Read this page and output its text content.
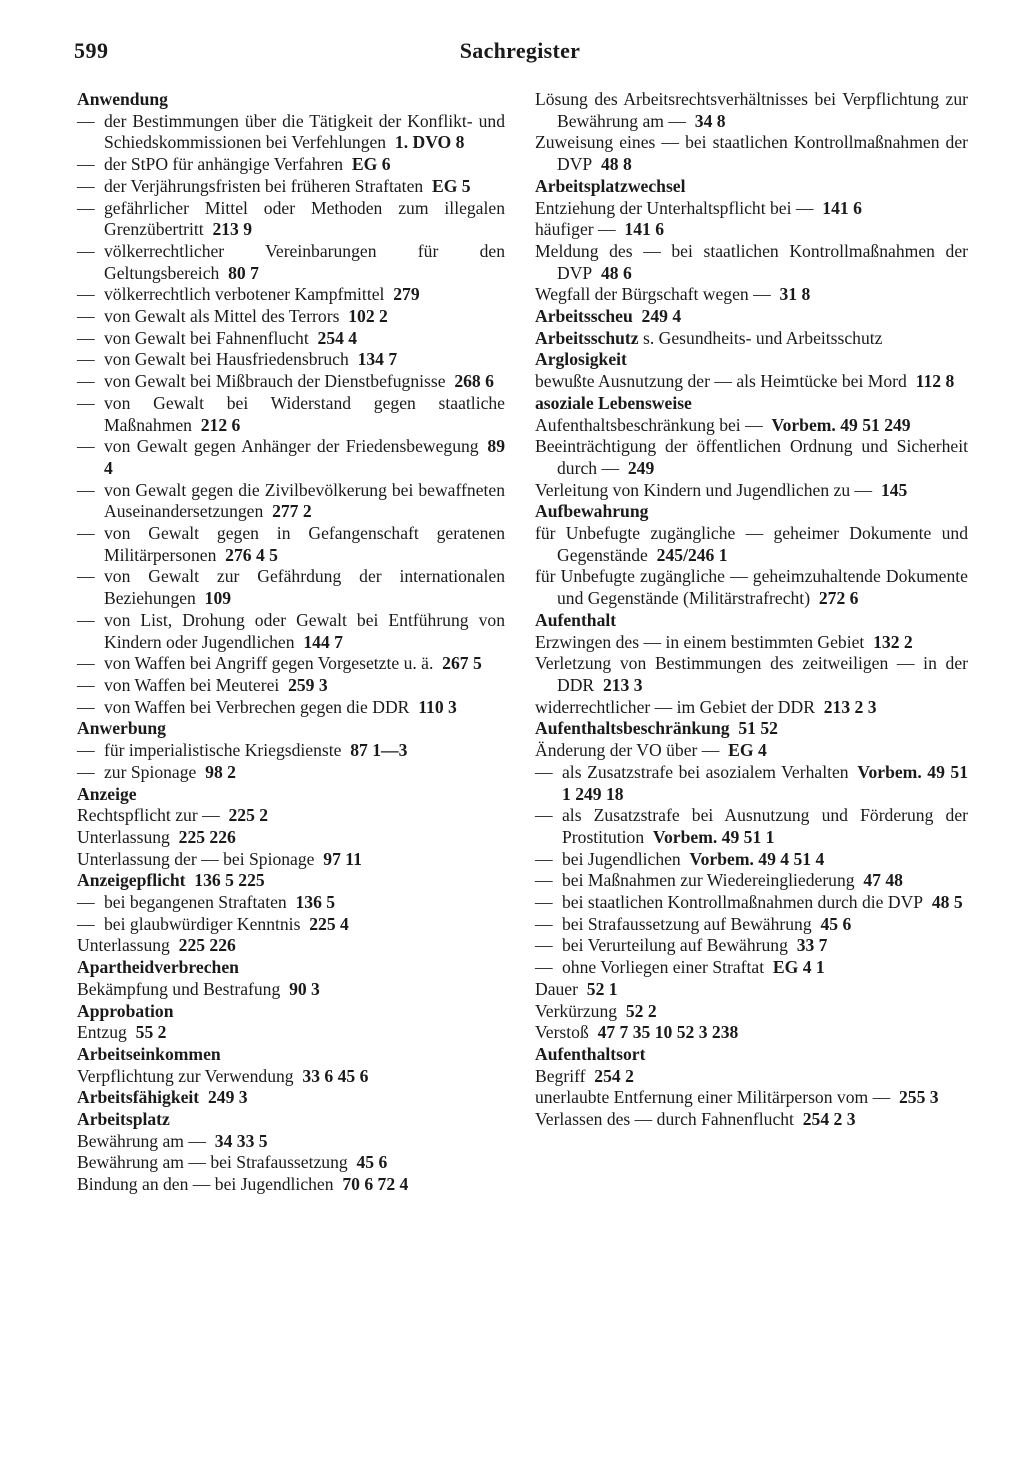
599	Sachregister
Anwendung
— der Bestimmungen über die Tätigkeit der Konflikt- und Schiedskommissionen bei Verfehlungen  1. DVO 8
— der StPO für anhängige Verfahren  EG 6
— der Verjährungsfristen bei früheren Straftaten  EG 5
— gefährlicher Mittel oder Methoden zum illegalen Grenzübertritt  213 9
— völkerrechtlicher Vereinbarungen für den Geltungsbereich  80 7
— völkerrechtlich verbotener Kampfmittel  279
— von Gewalt als Mittel des Terrors  102 2
— von Gewalt bei Fahnenflucht  254 4
— von Gewalt bei Hausfriedensbruch  134 7
— von Gewalt bei Mißbrauch der Dienstbefugnisse  268 6
— von Gewalt bei Widerstand gegen staatliche Maßnahmen  212 6
— von Gewalt gegen Anhänger der Friedensbewegung  89 4
— von Gewalt gegen die Zivilbevölkerung bei bewaffneten Auseinandersetzungen  277 2
— von Gewalt gegen in Gefangenschaft geratenen Militärpersonen  276 4 5
— von Gewalt zur Gefährdung der internationalen Beziehungen  109
— von List, Drohung oder Gewalt bei Entführung von Kindern oder Jugendlichen  144 7
— von Waffen bei Angriff gegen Vorgesetzte u. ä.  267 5
— von Waffen bei Meuterei  259 3
— von Waffen bei Verbrechen gegen die DDR  110 3
Anwerbung
— für imperialistische Kriegsdienste  87 1—3
— zur Spionage  98 2
Anzeige
Rechtspflicht zur —  225 2
Unterlassung  225 226
Unterlassung der — bei Spionage  97 11
Anzeigepflicht  136 5 225
— bei begangenen Straftaten  136 5
— bei glaubwürdiger Kenntnis  225 4
Unterlassung  225 226
Apartheidverbrechen
Bekämpfung und Bestrafung  90 3
Approbation
Entzug  55 2
Arbeitseinkommen
Verpflichtung zur Verwendung  33 6 45 6
Arbeitsfähigkeit  249 3
Arbeitsplatz
Bewährung am —  34 33 5
Bewährung am — bei Strafaussetzung  45 6
Bindung an den — bei Jugendlichen  70 6 72 4
Lösung des Arbeitsrechtsverhältnisses bei Verpflichtung zur Bewährung am —  34 8
Zuweisung eines — bei staatlichen Kontrollmaßnahmen der DVP  48 8
Arbeitsplatzwechsel
Entziehung der Unterhaltspflicht bei —  141 6
häufiger —  141 6
Meldung des — bei staatlichen Kontrollmaßnahmen der DVP  48 6
Wegfall der Bürgschaft wegen —  31 8
Arbeitsscheu  249 4
Arbeitsschutz s. Gesundheits- und Arbeitsschutz
Arglosigkeit
bewußte Ausnutzung der — als Heimtücke bei Mord  112 8
asoziale Lebensweise
Aufenthaltsbeschränkung bei —  Vorbem. 49 51 249
Beeinträchtigung der öffentlichen Ordnung und Sicherheit durch —  249
Verleitung von Kindern und Jugendlichen zu —  145
Aufbewahrung
für Unbefugte zugängliche — geheimer Dokumente und Gegenstände  245/246 1
für Unbefugte zugängliche — geheimzuhaltende Dokumente und Gegenstände (Militärstrafrecht)  272 6
Aufenthalt
Erzwingen des — in einem bestimmten Gebiet  132 2
Verletzung von Bestimmungen des zeitweiligen — in der DDR  213 3
widerrechtlicher — im Gebiet der DDR  213 2 3
Aufenthaltsbeschränkung  51 52
Änderung der VO über —  EG 4
— als Zusatzstrafe bei asozialem Verhalten  Vorbem. 49 51 1 249 18
— als Zusatzstrafe bei Ausnutzung und Förderung der Prostitution  Vorbem. 49 51 1
— bei Jugendlichen  Vorbem. 49 4 51 4
— bei Maßnahmen zur Wiedereingliederung  47 48
— bei staatlichen Kontrollmaßnahmen durch die DVP  48 5
— bei Strafaussetzung auf Bewährung  45 6
— bei Verurteilung auf Bewährung  33 7
— ohne Vorliegen einer Straftat  EG 4 1
Dauer  52 1
Verkürzung  52 2
Verstoß  47 7 35 10 52 3 238
Aufenthaltsort
Begriff  254 2
unerlaubte Entfernung einer Militärperson vom —  255 3
Verlassen des — durch Fahnenflucht  254 2 3
